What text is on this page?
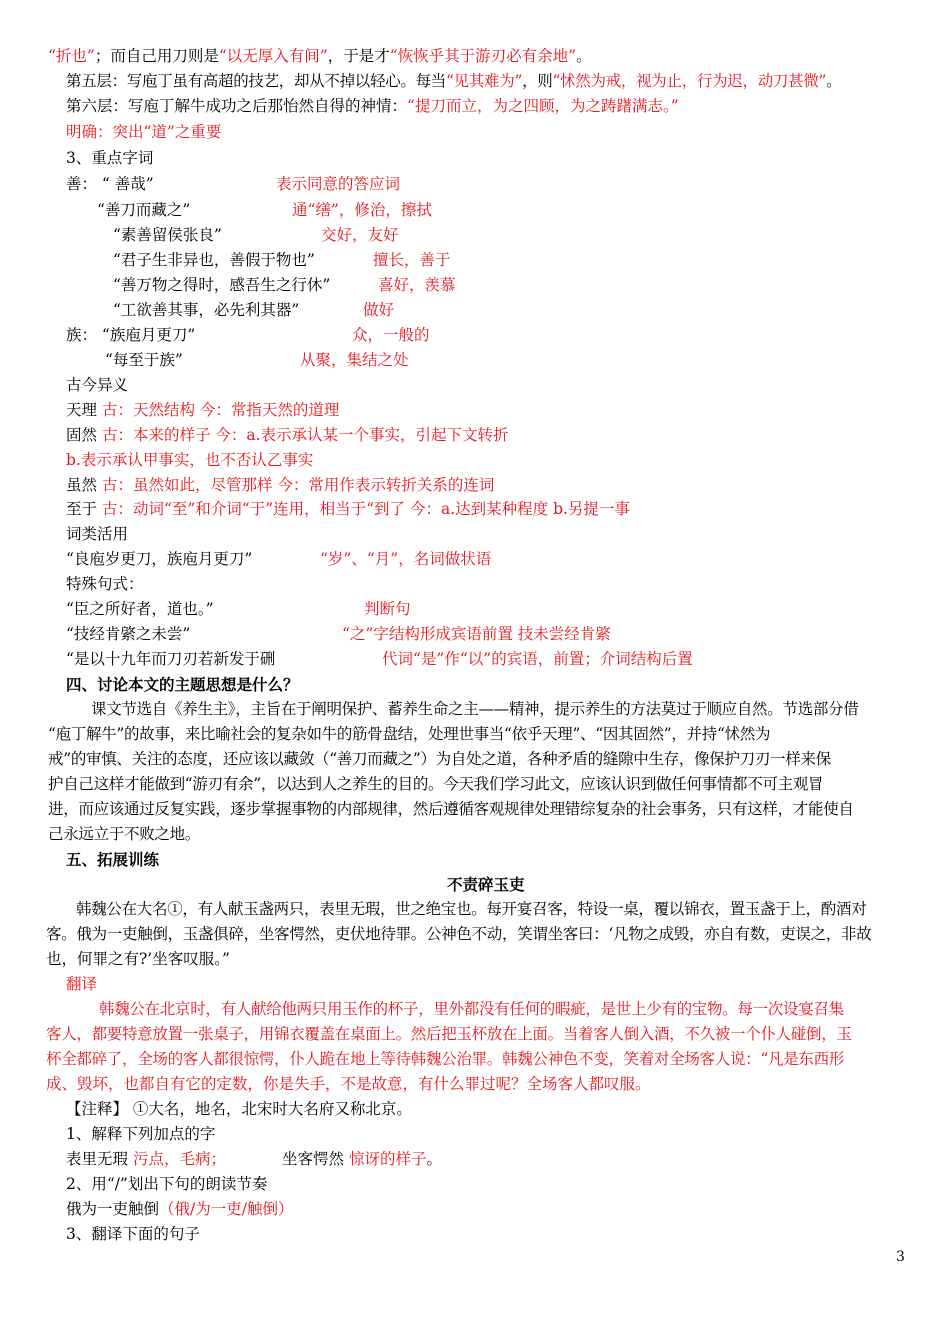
“折也”；而自己用刀则是“以无厚入有间”，于是才“恢恢乎其于游刃必有余地”。
第五层：写庖丁虽有高超的技艺，却从不掉以轻心。每当“见其难为”，则“怵然为戒，视为止，行为迟，动刀甚微”。
第六层：写庖丁解牛成功之后那怡然自得的神情：“提刀而立，为之四顾，为之踌躇满志。”
明确：突出“道”之重要
3、重点字词
善： “ 善哉”	表示同意的答应词
“善刀而藏之”	通“缮”，修治，擦拭
“素善留侯张良”	交好，友好
“君子生非异也，善假于物也”	擅长，善于
“善万物之得时，感吾生之行休”	喜好，羡慕
“工欲善其事，必先利其器”	做好
族： “族庖月更刀”	众，一般的
“每至于族”	从聚，集结之处
古今异义
天理 古：天然结构 今：常指天然的道理
固然 古：本来的样子 今：a.表示承认某一个事实，引起下文转折
b.表示承认甲事实，也不否认乙事实
虽然 古：虽然如此，尽管那样 今：常用作表示转折关系的连词
至于 古：动词“至”和介词“于”连用，相当于“到了 今：a.达到某种程度 b.另提一事
词类活用
“良庖岁更刀，族庖月更刀”	“岁”、“月”，名词做状语
特殊句式：
“臣之所好者，道也。”	判断句
“技经肯綮之未尝”	“之”字结构形成宾语前置 技未尝经肯綮
“是以十九年而刀刃若新发于硎	代词“是”作“以”的宾语，前置；介词结构后置
四、讨论本文的主题思想是什么？
课文节选自《养生主》，主旨在于阐明保护、蓄养生命之主——精神，提示养生的方法莫过于顺应自然。节选部分借
“庖丁解牛”的故事，来比喻社会的复杂如牛的筋骨盘结，处理世事当“依乎天理”、“因其固然”，并持“怵然为
戒”的审慎、关注的态度，还应该以藏敛（“善刀而藏之”）为自处之道，各种矛盾的缝隙中生存，像保护刀刃一样来保
护自己这样才能做到“游刃有余”，以达到人之养生的目的。今天我们学习此文，应该认识到做任何事情都不可主观冒
进，而应该通过反复实践，逐步掌握事物的内部规律，然后遵循客观规律处理错综复杂的社会事务，只有这样，才能使自
己永远立于不败之地。
五、拓展训练
不责碎玉吏
韩魏公在大名①，有人献玉盏两只，表里无瑕，世之绝宝也。每开宴召客，特设一桌，覆以锦衣，置玉盏于上，酌酒对
客。俄为一吏触倒，玉盏俱碎，坐客愕然，吏伏地待罪。公神色不动，笑谓坐客曰：‘凡物之成毁，亦自有数，吏误之，非故
也，何罪之有?’坐客叹服。”
翻译
韩魏公在北京时，有人献给他两只用玉作的杯子，里外都没有任何的暇疵，是世上少有的宝物。每一次设宴召集
客人，都要特意放置一张桌子，用锦衣覆盖在桌面上。然后把玉杯放在上面。当着客人倒入酒，不久被一个仆人碰倒，玉
杯全都碎了，全场的客人都很惊愕，仆人跪在地上等待韩魏公治罪。韩魏公神色不变，笑着对全场客人说：“凡是东西形
成、毁坏，也都自有它的定数，你是失手，不是故意，有什么罪过呢？全场客人都叹服。
【注释】 ①大名，地名，北宋时大名府又称北京。
1、解释下列加点的字
表里无瑕 污点，毛病；	坐客愕然 惊讶的样子。
2、用“/”划出下句的朗读节奏
俄为一吏触倒（俄/为一吏/触倒）
3、翻译下面的句子
3
